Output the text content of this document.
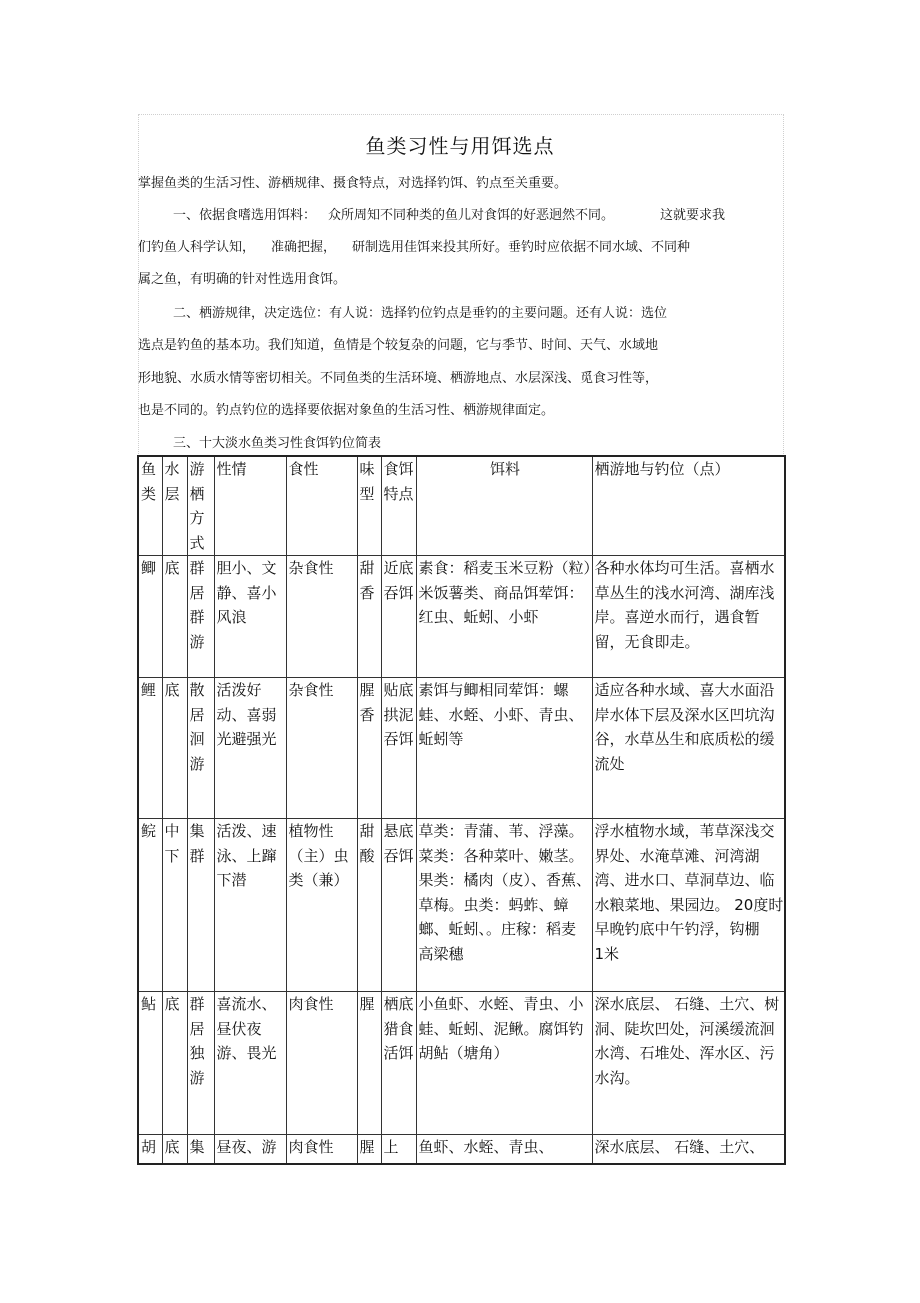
鱼类习性与用饵选点
掌握鱼类的生活习性、游栖规律、摄食特点，对选择钓饵、钓点至关重要。
一、依据食嗜选用饵料： 众所周知不同种类的鱼儿对食饵的好恶迥然不同。	这就要求我
们钓鱼人科学认知， 准确把握， 研制选用佳饵来投其所好。垂钓时应依据不同水域、不同种
属之鱼，有明确的针对性选用食饵。
二、栖游规律，决定选位：有人说：选择钓位钓点是垂钓的主要问题。还有人说：选位
选点是钓鱼的基本功。我们知道，鱼情是个较复杂的问题，它与季节、时间、天气、水域地
形地貌、水质水情等密切相关。不同鱼类的生活环境、栖游地点、水层深浅、觅食习性等，
也是不同的。钓点钓位的选择要依据对象鱼的生活习性、栖游规律面定。
三、十大淡水鱼类习性食饵钓位简表
鱼类	水层	游栖方式	性情	食性	味型	食饵特点	饵料	栖游地与钓位（点）
鲫	底	群居群游	胆小、文静、喜小风浪	杂食性	甜香	近底吞饵	素食：稻麦玉米豆粉（粒）米饭薯类、商品饵荤饵：红虫、蚯蚓、小虾	各种水体均可生活。喜栖水草丛生的浅水河湾、湖库浅岸。喜逆水而行，遇食暂留，无食即走。
鲤	底	散居洄游	活泼好动、喜弱光避强光	杂食性	腥香	贴底拱泥吞饵	素饵与鲫相同荤饵：螺蛙、水蛭、小虾、青虫、蚯蚓等	适应各种水域、喜大水面沿岸水体下层及深水区凹坑沟谷，水草丛生和底质松的缓流处
鲩	中下	集群	活泼、速泳、上蹿下潜	植物性（主）虫类（兼）	甜酸	悬底吞饵	草类：青蒲、苇、浮藻。菜类：各种菜叶、嫩茎。果类：橘肉（皮）、香蕉、草梅。虫类：蚂蚱、蟑螂、蚯蚓、。庄稼：稻麦　高梁穗	浮水植物水域，苇草深浅交界处、水淹草滩、河湾湖湾、进水口、草洞草边、临水粮菜地、果园边。 20度时早晚钓底中午钓浮，钩棚　1米
鲇	底	群居独游	喜流水、昼伏夜游、畏光	肉食性	腥	栖底猎食活饵	小鱼虾、水蛭、青虫、小蛙、蚯蚓、泥鳅。腐饵钓胡鲇（塘角）	深水底层、 石缝、土穴、树洞、陡坎凹处，河溪缓流洄水湾、石堆处、浑水区、污水沟。
胡	底	集	昼夜、游	肉食性	腥	上	鱼虾、水蛭、青虫、	深水底层、 石缝、土穴、
